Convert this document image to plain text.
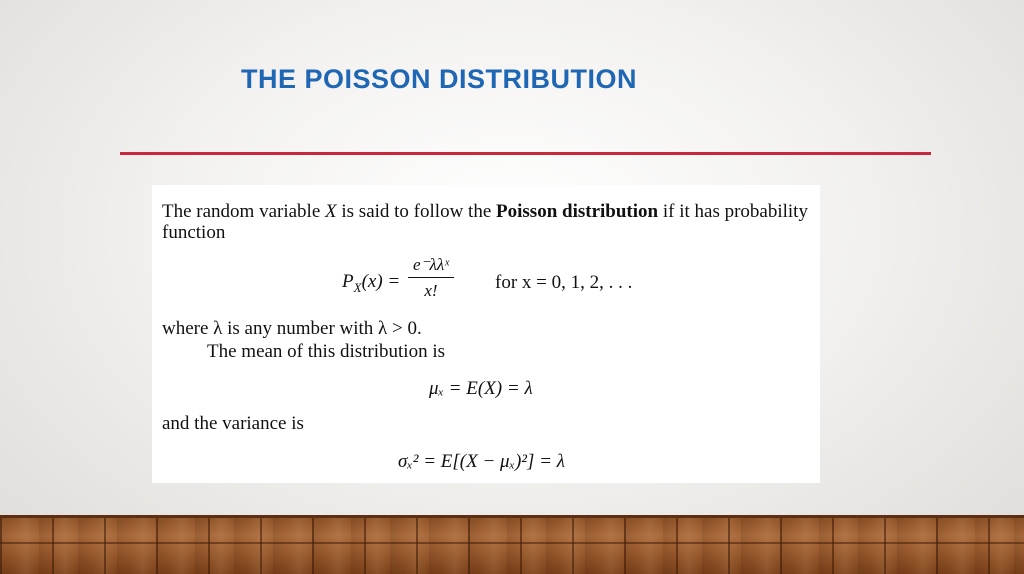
THE POISSON DISTRIBUTION
The random variable X is said to follow the Poisson distribution if it has probability
function
$P_X(x)$ =
e⁻λλˣ
x!	for x = 0, 1, 2, . . .
where λ is any number with λ > 0.
The mean of this distribution is
μₓ = E(X) = λ
and the variance is
σₓ² = E[(X − μₓ)²] = λ
